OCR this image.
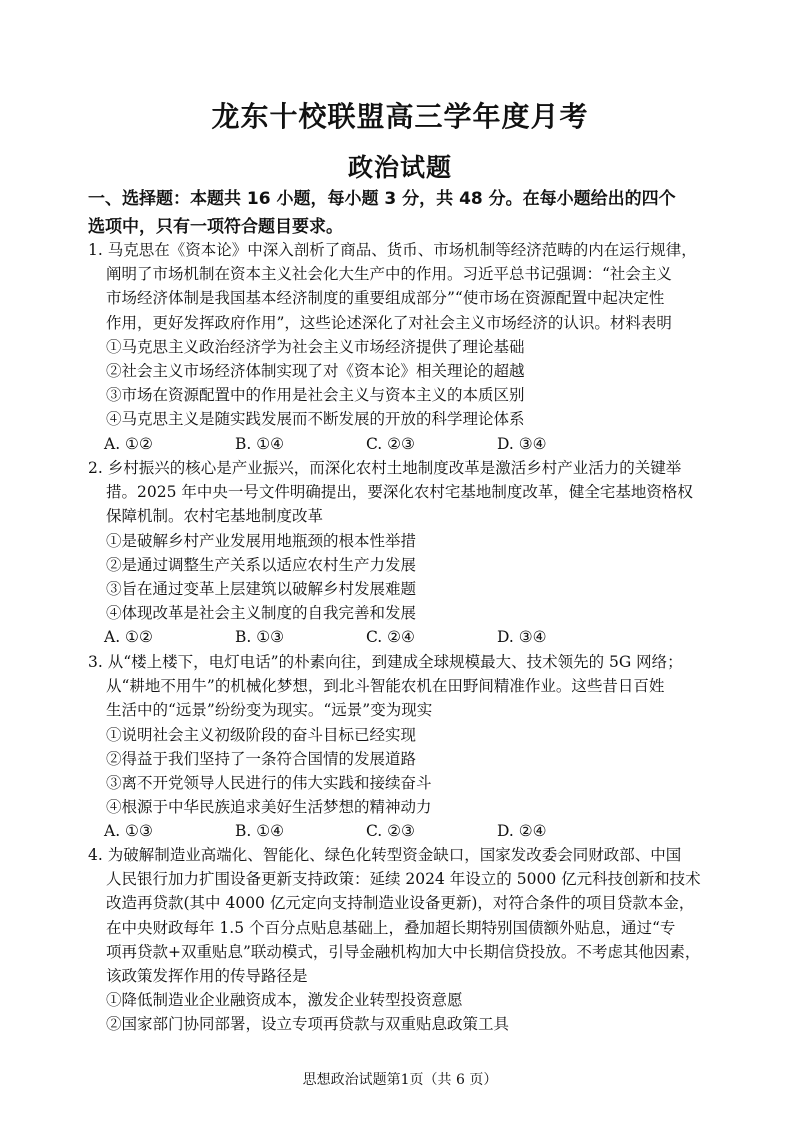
龙东十校联盟高三学年度月考
政治试题
一、选择题：本题共 16 小题，每小题 3 分，共 48 分。在每小题给出的四个
选项中，只有一项符合题目要求。
1. 马克思在《资本论》中深入剖析了商品、货币、市场机制等经济范畴的内在运行规律，
阐明了市场机制在资本主义社会化大生产中的作用。习近平总书记强调：“社会主义
市场经济体制是我国基本经济制度的重要组成部分”“使市场在资源配置中起决定性
作用，更好发挥政府作用”，这些论述深化了对社会主义市场经济的认识。材料表明
①马克思主义政治经济学为社会主义市场经济提供了理论基础
②社会主义市场经济体制实现了对《资本论》相关理论的超越
③市场在资源配置中的作用是社会主义与资本主义的本质区别
④马克思主义是随实践发展而不断发展的开放的科学理论体系
A. ①②	B. ①④	C. ②③	D. ③④
2. 乡村振兴的核心是产业振兴，而深化农村土地制度改革是激活乡村产业活力的关键举
措。2025 年中央一号文件明确提出，要深化农村宅基地制度改革，健全宅基地资格权
保障机制。农村宅基地制度改革
①是破解乡村产业发展用地瓶颈的根本性举措
②是通过调整生产关系以适应农村生产力发展
③旨在通过变革上层建筑以破解乡村发展难题
④体现改革是社会主义制度的自我完善和发展
A. ①②	B. ①③	C. ②④	D. ③④
3. 从“楼上楼下，电灯电话”的朴素向往，到建成全球规模最大、技术领先的 5G 网络；
从“耕地不用牛”的机械化梦想，到北斗智能农机在田野间精准作业。这些昔日百姓
生活中的“远景”纷纷变为现实。“远景”变为现实
①说明社会主义初级阶段的奋斗目标已经实现
②得益于我们坚持了一条符合国情的发展道路
③离不开党领导人民进行的伟大实践和接续奋斗
④根源于中华民族追求美好生活梦想的精神动力
A. ①③	B. ①④	C. ②③	D. ②④
4. 为破解制造业高端化、智能化、绿色化转型资金缺口，国家发改委会同财政部、中国
人民银行加力扩围设备更新支持政策：延续 2024 年设立的 5000 亿元科技创新和技术
改造再贷款(其中 4000 亿元定向支持制造业设备更新)，对符合条件的项目贷款本金，
在中央财政每年 1.5 个百分点贴息基础上，叠加超长期特别国债额外贴息，通过“专
项再贷款+双重贴息”联动模式，引导金融机构加大中长期信贷投放。不考虑其他因素，
该政策发挥作用的传导路径是
①降低制造业企业融资成本，激发企业转型投资意愿
②国家部门协同部署，设立专项再贷款与双重贴息政策工具
思想政治试题第1页（共 6 页）
